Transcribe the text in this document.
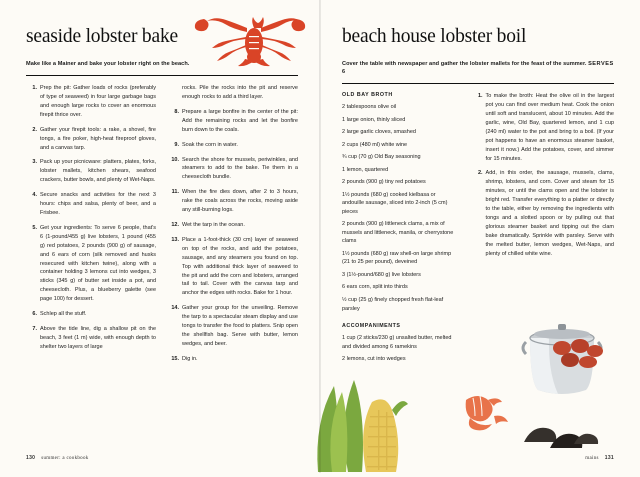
seaside lobster bake

Make like a Mainer and bake your lobster right on the beach.

1. Prep the pit: Gather loads of rocks (preferably of type of seaweed) in four large garbage bags and enough large rocks to cover an enormous firepit thrice over.
2. Gather your firepit tools: a rake, a shovel, fire tongs, a fire poker, high-heat fireproof gloves, and a canvas tarp.
3. Pack up your picnicware: platters, plates, forks, lobster mallets, kitchen shears, seafood crackers, butter bowls, and plenty of Wet-Naps.
4. Secure snacks and activities for the next 3 hours: chips and salsa, plenty of beer, and a Frisbee.
5. Get your ingredients: To serve 6 people, that's 6 (1-pound/455 g) live lobsters, 1 pound (455 g) red potatoes, 2 pounds (900 g) of sausage, and 6 ears of corn (silk removed and husks resecured with kitchen twine), along with a container holding 3 lemons cut into wedges, 3 sticks (345 g) of butter set inside a pot, and cheesecloth. Plus, a blueberry galette (see page 100) for dessert.
6. Schlep all the stuff.
7. Above the tide line, dig a shallow pit on the beach, 3 feet (1 m) wide, with enough depth to shelter two layers of large
rocks. Pile the rocks into the pit and reserve enough rocks to add a third layer.
8. Prepare a large bonfire in the center of the pit: Add the remaining rocks and let the bonfire burn down to the coals.
9. Soak the corn in water.
10. Search the shore for mussels, periwinkles, and steamers to add to the bake. Tie them in a cheesecloth bundle.
11. When the fire dies down, after 2 to 3 hours, rake the coals across the rocks, moving aside any still-burning logs.
12. Wet the tarp in the ocean.
13. Place a 1-foot-thick (30 cm) layer of seaweed on top of the rocks, and add the potatoes, sausage, and any steamers you found on top. Top with additional thick layer of seaweed to the pit and add the corn and lobsters, arranged tail to tail. Cover with the canvas tarp and anchor the edges with rocks. Bake for 1 hour.
14. Gather your group for the unveiling. Remove the tarp to a spectacular steam display and use tongs to transfer the food to platters. Snip open the shellfish bag. Serve with butter, lemon wedges, and beer.
15. Dig in.
130 summer: a cookbook
beach house lobster boil

Cover the table with newspaper and gather the lobster mallets for the feast of the summer. SERVES 6

OLD BAY BROTH
2 tablespoons olive oil
1 large onion, thinly sliced
2 large garlic cloves, smashed
2 cups (480 ml) white wine
¾ cup (70 g) Old Bay seasoning
1 lemon, quartered
2 pounds (900 g) tiny red potatoes
1½ pounds (680 g) cooked kielbasa or andouille sausage, sliced into 2-inch (5 cm) pieces
2 pounds (900 g) littleneck clams, a mix of mussels and littleneck, manila, or cherrystone clams
1½ pounds (680 g) raw shell-on large shrimp (21 to 25 per pound), deveined
3 (1½-pound/680 g) live lobsters
6 ears corn, split into thirds
½ cup (25 g) finely chopped fresh flat-leaf parsley
ACCOMPANIMENTS
1 cup (2 sticks/230 g) unsalted butter, melted and divided among 6 ramekins
2 lemons, cut into wedges
1. To make the broth: Heat the olive oil in the largest pot you can find over medium heat. Cook the onion until soft and translucent, about 10 minutes. Add the garlic, wine, Old Bay, quartered lemon, and 1 cup (240 ml) water to the pot and bring to a boil. (If your pot happens to have an enormous steamer basket, insert it now.) Add the potatoes, cover, and simmer for 15 minutes.
2. Add, in this order, the sausage, mussels, clams, shrimp, lobsters, and corn. Cover and steam for 15 minutes, or until the clams open and the lobster is bright red. Transfer everything to a platter or directly to the table, either by removing the ingredients with tongs and a slotted spoon or by pulling out that glorious steamer basket and tipping out the clam bake dramatically. Sprinkle with parsley. Serve with the melted butter, lemon wedges, Wet-Naps, and plenty of chilled white wine.
mains 131
